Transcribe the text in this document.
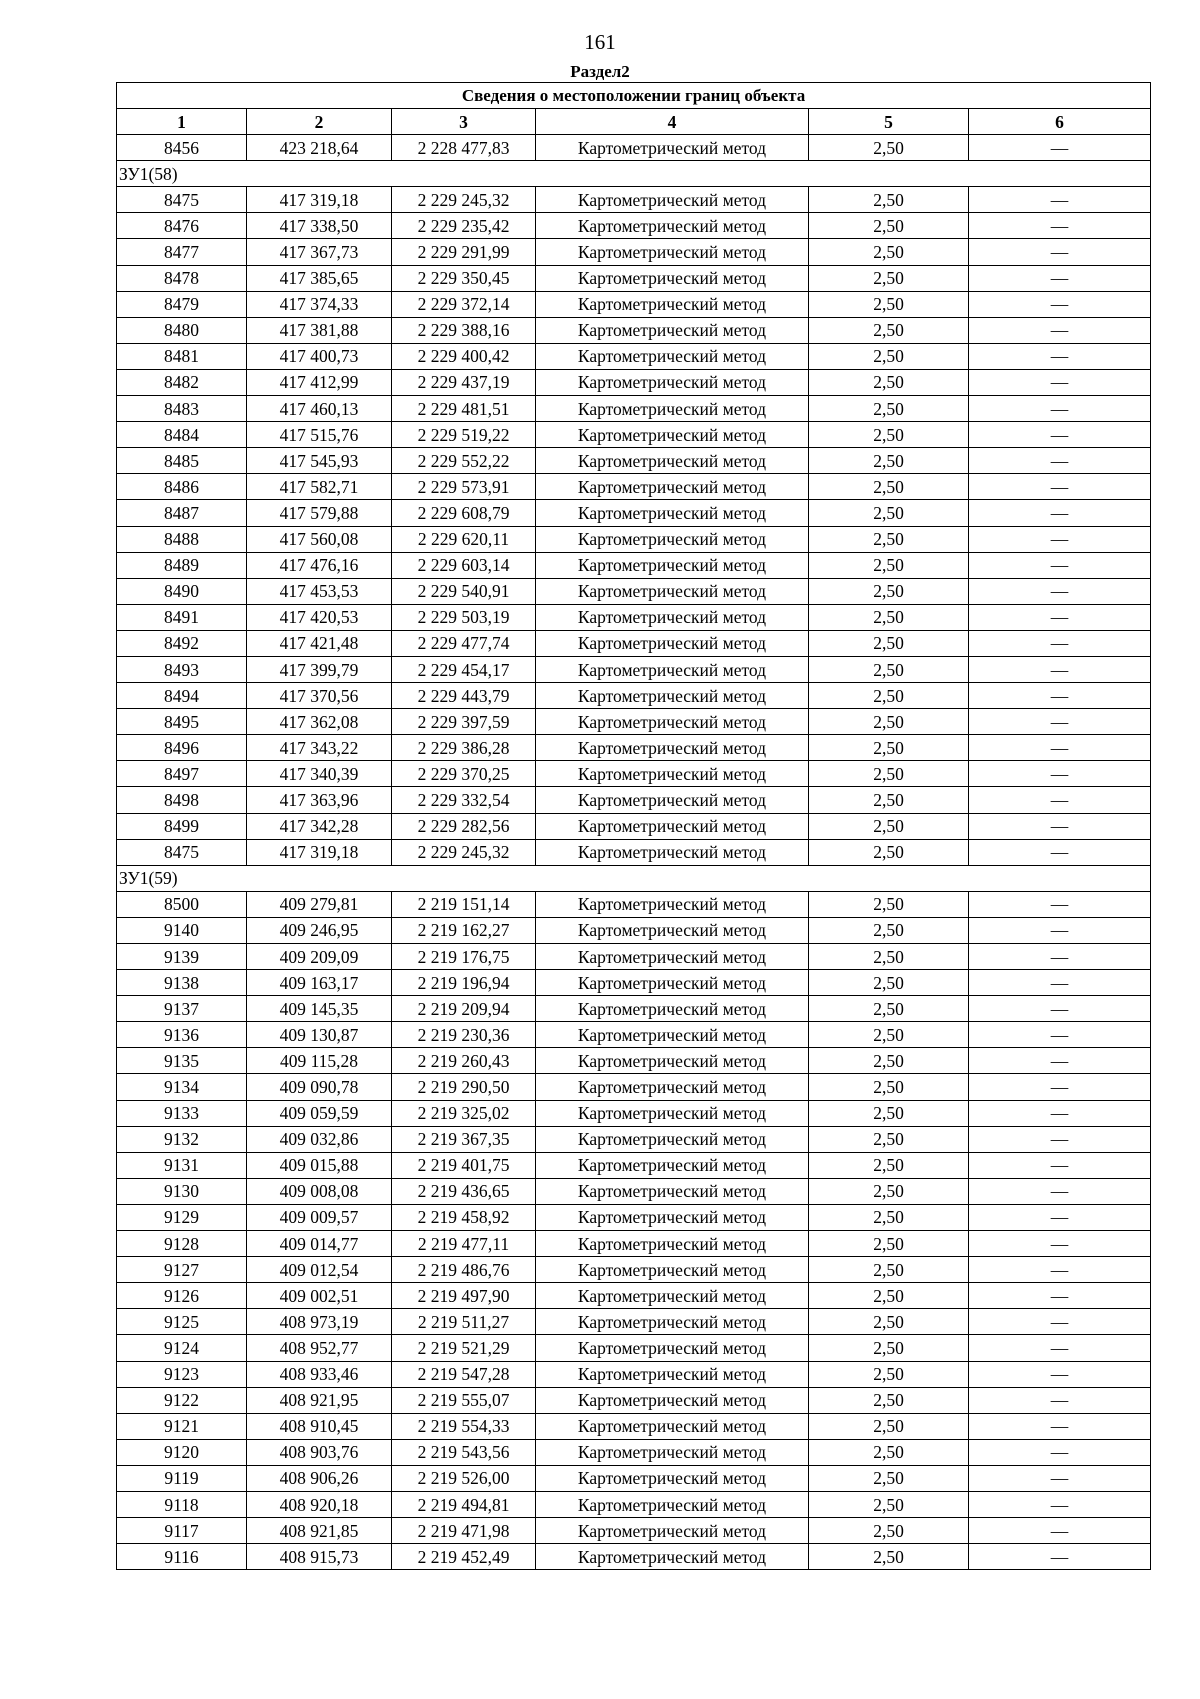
161
Раздел2
Сведения о местоположении границ объекта					
1	2	3	4	5	6
8456	423 218,64	2 228 477,83	Картометрический метод	2,50	—
ЗУ1(58)					
8475	417 319,18	2 229 245,32	Картометрический метод	2,50	—
8476	417 338,50	2 229 235,42	Картометрический метод	2,50	—
8477	417 367,73	2 229 291,99	Картометрический метод	2,50	—
8478	417 385,65	2 229 350,45	Картометрический метод	2,50	—
8479	417 374,33	2 229 372,14	Картометрический метод	2,50	—
8480	417 381,88	2 229 388,16	Картометрический метод	2,50	—
8481	417 400,73	2 229 400,42	Картометрический метод	2,50	—
8482	417 412,99	2 229 437,19	Картометрический метод	2,50	—
8483	417 460,13	2 229 481,51	Картометрический метод	2,50	—
8484	417 515,76	2 229 519,22	Картометрический метод	2,50	—
8485	417 545,93	2 229 552,22	Картометрический метод	2,50	—
8486	417 582,71	2 229 573,91	Картометрический метод	2,50	—
8487	417 579,88	2 229 608,79	Картометрический метод	2,50	—
8488	417 560,08	2 229 620,11	Картометрический метод	2,50	—
8489	417 476,16	2 229 603,14	Картометрический метод	2,50	—
8490	417 453,53	2 229 540,91	Картометрический метод	2,50	—
8491	417 420,53	2 229 503,19	Картометрический метод	2,50	—
8492	417 421,48	2 229 477,74	Картометрический метод	2,50	—
8493	417 399,79	2 229 454,17	Картометрический метод	2,50	—
8494	417 370,56	2 229 443,79	Картометрический метод	2,50	—
8495	417 362,08	2 229 397,59	Картометрический метод	2,50	—
8496	417 343,22	2 229 386,28	Картометрический метод	2,50	—
8497	417 340,39	2 229 370,25	Картометрический метод	2,50	—
8498	417 363,96	2 229 332,54	Картометрический метод	2,50	—
8499	417 342,28	2 229 282,56	Картометрический метод	2,50	—
8475	417 319,18	2 229 245,32	Картометрический метод	2,50	—
ЗУ1(59)					
8500	409 279,81	2 219 151,14	Картометрический метод	2,50	—
9140	409 246,95	2 219 162,27	Картометрический метод	2,50	—
9139	409 209,09	2 219 176,75	Картометрический метод	2,50	—
9138	409 163,17	2 219 196,94	Картометрический метод	2,50	—
9137	409 145,35	2 219 209,94	Картометрический метод	2,50	—
9136	409 130,87	2 219 230,36	Картометрический метод	2,50	—
9135	409 115,28	2 219 260,43	Картометрический метод	2,50	—
9134	409 090,78	2 219 290,50	Картометрический метод	2,50	—
9133	409 059,59	2 219 325,02	Картометрический метод	2,50	—
9132	409 032,86	2 219 367,35	Картометрический метод	2,50	—
9131	409 015,88	2 219 401,75	Картометрический метод	2,50	—
9130	409 008,08	2 219 436,65	Картометрический метод	2,50	—
9129	409 009,57	2 219 458,92	Картометрический метод	2,50	—
9128	409 014,77	2 219 477,11	Картометрический метод	2,50	—
9127	409 012,54	2 219 486,76	Картометрический метод	2,50	—
9126	409 002,51	2 219 497,90	Картометрический метод	2,50	—
9125	408 973,19	2 219 511,27	Картометрический метод	2,50	—
9124	408 952,77	2 219 521,29	Картометрический метод	2,50	—
9123	408 933,46	2 219 547,28	Картометрический метод	2,50	—
9122	408 921,95	2 219 555,07	Картометрический метод	2,50	—
9121	408 910,45	2 219 554,33	Картометрический метод	2,50	—
9120	408 903,76	2 219 543,56	Картометрический метод	2,50	—
9119	408 906,26	2 219 526,00	Картометрический метод	2,50	—
9118	408 920,18	2 219 494,81	Картометрический метод	2,50	—
9117	408 921,85	2 219 471,98	Картометрический метод	2,50	—
9116	408 915,73	2 219 452,49	Картометрический метод	2,50	—
